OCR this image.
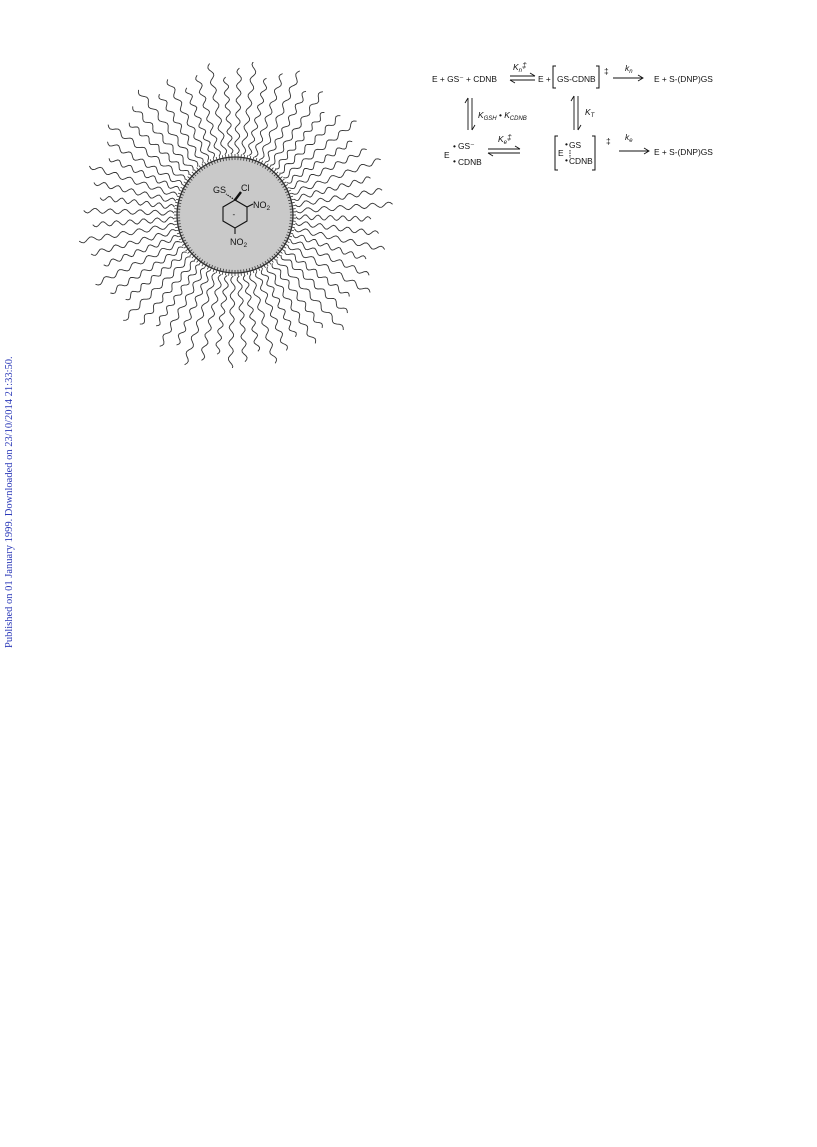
GS Cl
$NO_2$
$NO_2$
-
E + GS⁻ + CDNB
$K_n\ddagger$
E + GS-CDNB
‡ $k_n$
E + S-(DNP)GS
$K_{GSH}$ • $K_{CDNB}$
$K_T$
E
• GS⁻
• CDNB
$K_e\ddagger$
E
• GS
• CDNB
‡ $k_e$
E + S-(DNP)GS
Published on 01 January 1999. Downloaded on 23/10/2014 21:33:50.
